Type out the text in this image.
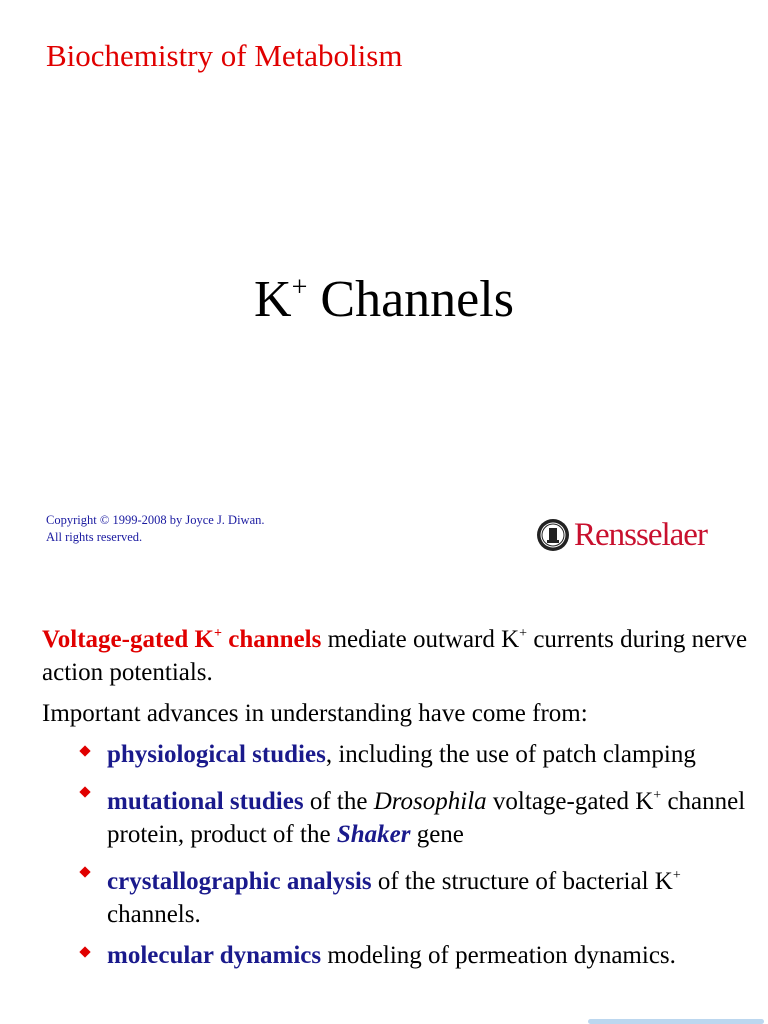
Biochemistry of Metabolism
K+ Channels
Copyright © 1999-2008 by Joyce J. Diwan.
All rights reserved.	Rensselaer

Voltage-gated K+ channels mediate outward K+ currents during nerve action potentials.

Important advances in understanding have come from:

physiological studies, including the use of patch clamping
mutational studies of the Drosophila voltage-gated K+ channel protein, product of the Shaker gene
crystallographic analysis of the structure of bacterial K+ channels.
molecular dynamics modeling of permeation dynamics.
